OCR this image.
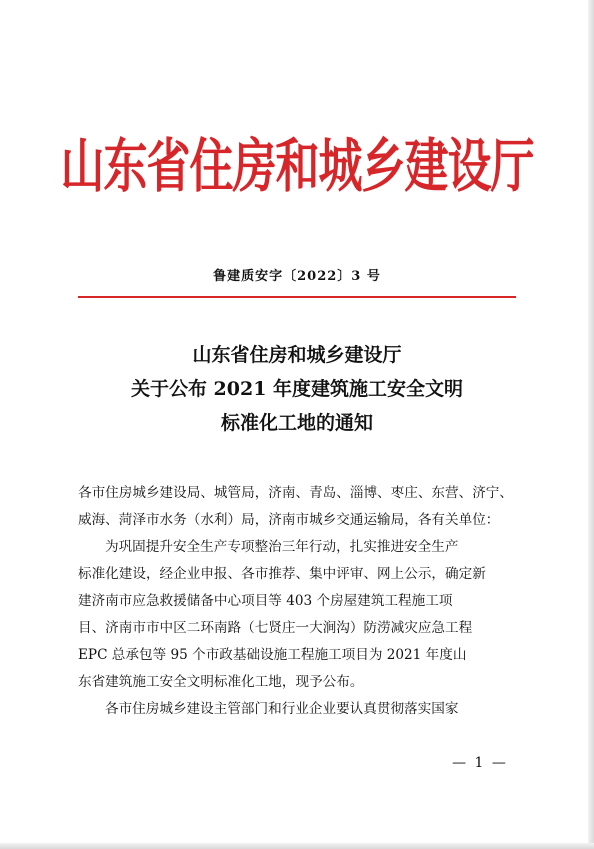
山东省住房和城乡建设厅
鲁建质安字〔2022〕3 号
山东省住房和城乡建设厅
关于公布 2021 年度建筑施工安全文明
标准化工地的通知

各市住房城乡建设局、城管局，济南、青岛、淄博、枣庄、东营、济宁、

威海、菏泽市水务（水利）局，济南市城乡交通运输局，各有关单位：

为巩固提升安全生产专项整治三年行动，扎实推进安全生产

标准化建设，经企业申报、各市推荐、集中评审、网上公示，确定新

建济南市应急救援储备中心项目等 403 个房屋建筑工程施工项

目、济南市市中区二环南路（七贤庄一大涧沟）防涝减灾应急工程

EPC 总承包等 95 个市政基础设施工程施工项目为 2021 年度山

东省建筑施工安全文明标准化工地，现予公布。

各市住房城乡建设主管部门和行业企业要认真贯彻落实国家

— 1 —
